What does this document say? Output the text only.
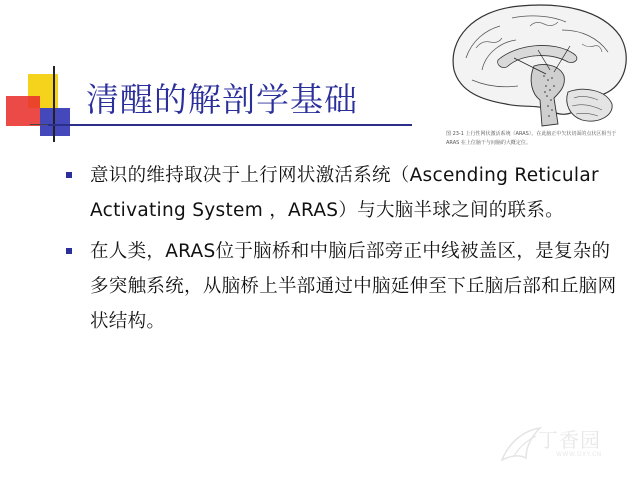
清醒的解剖学基础
图 23-1 上行性网状激活系统（ARAS）。在此脑正中矢状切面的点状区相当于 ARAS 在上位脑干与间脑的大概定位。
意识的维持取决于上行网状激活系统（Ascending Reticular Activating System ，ARAS）与大脑半球之间的联系。
在人类，ARAS位于脑桥和中脑后部旁正中线被盖区，是复杂的多突触系统，从脑桥上半部通过中脑延伸至下丘脑后部和丘脑网状结构。
丁香园
WWW.DXY.CN
